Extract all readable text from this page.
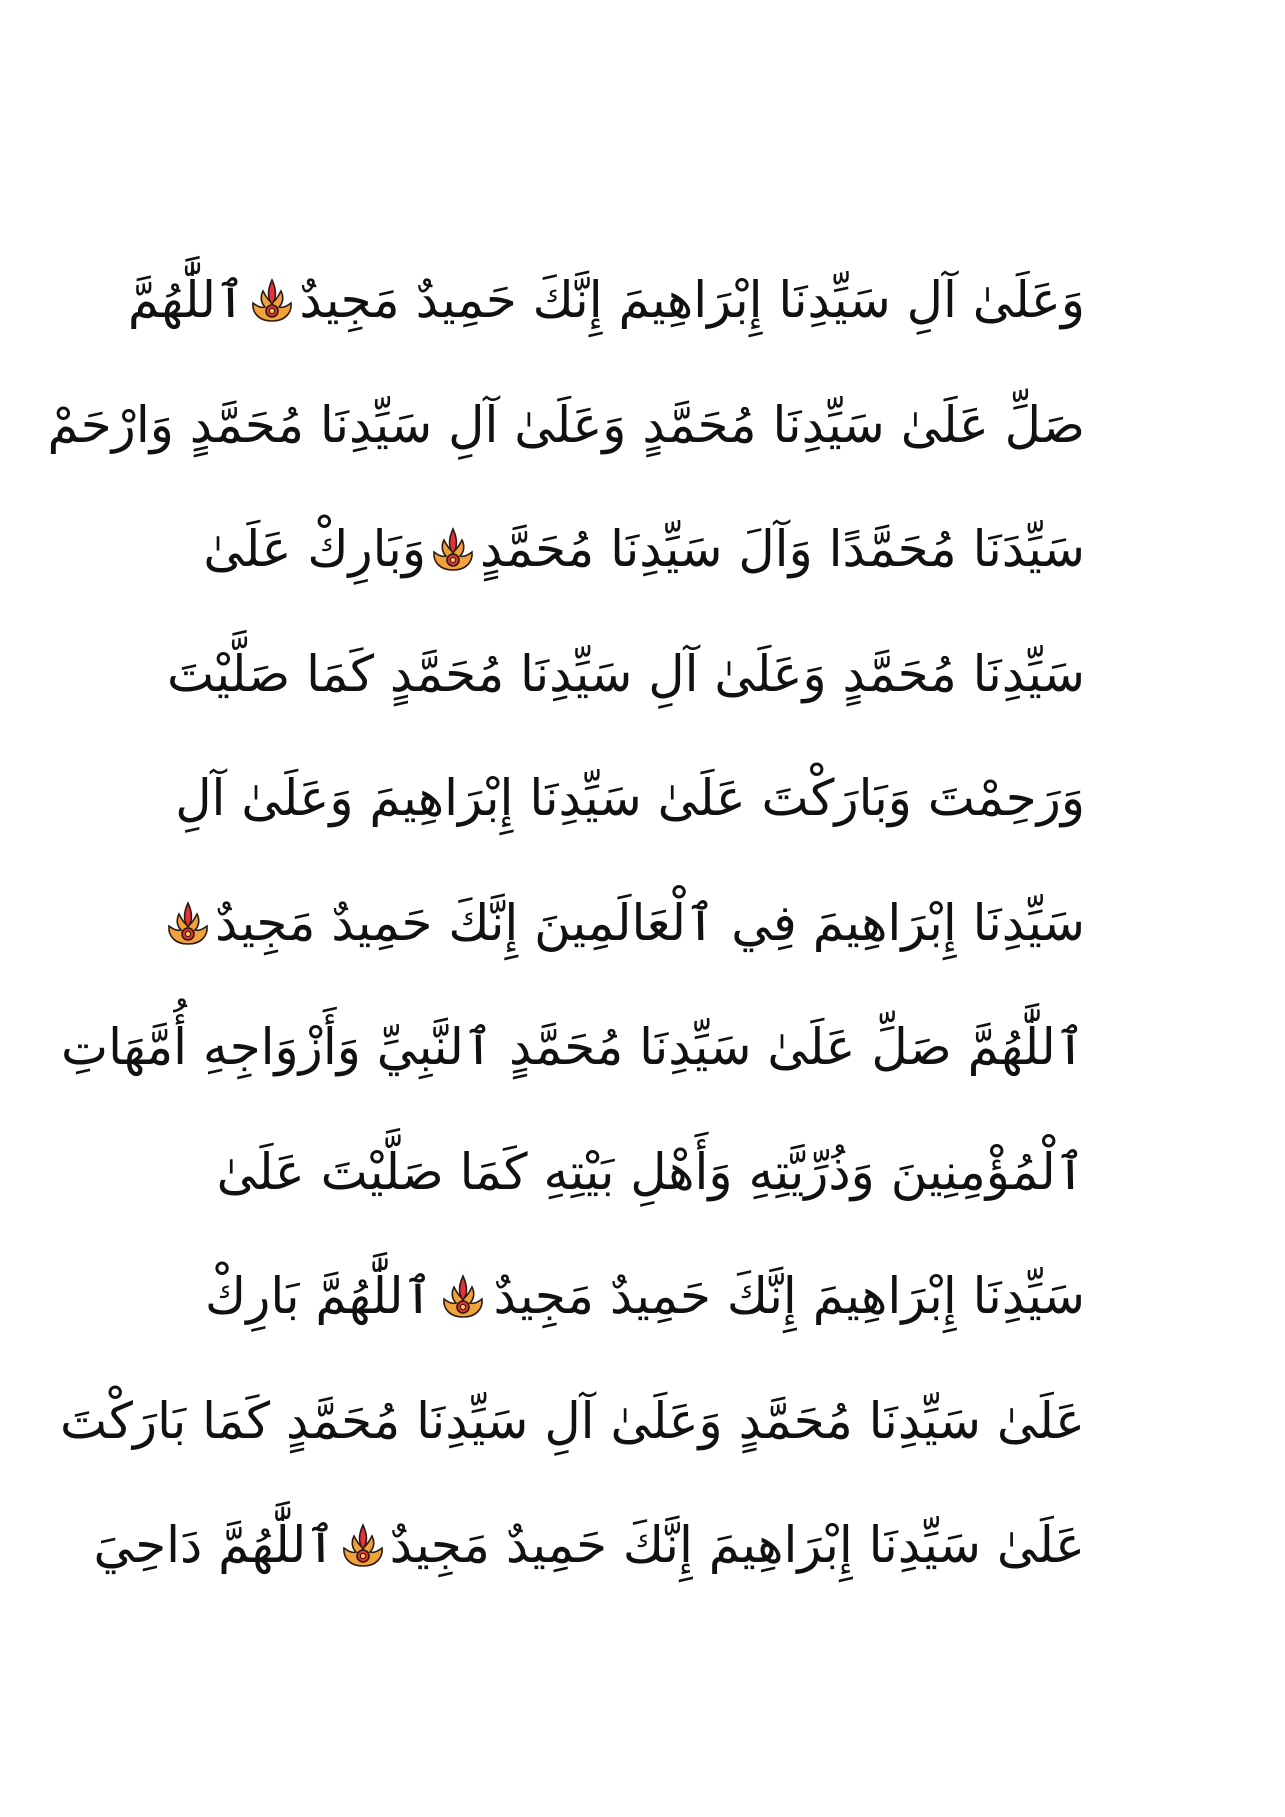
وَعَلَىٰ آلِ سَيِّدِنَا إِبْرَاهِيمَ إِنَّكَ حَمِيدٌ مَجِيدٌ
ٱللَّٰهُمَّ
صَلِّ عَلَىٰ سَيِّدِنَا مُحَمَّدٍ وَعَلَىٰ آلِ سَيِّدِنَا مُحَمَّدٍ وَارْحَمْ
سَيِّدَنَا مُحَمَّدًا وَآلَ سَيِّدِنَا مُحَمَّدٍ
وَبَارِكْ عَلَىٰ
سَيِّدِنَا مُحَمَّدٍ وَعَلَىٰ آلِ سَيِّدِنَا مُحَمَّدٍ كَمَا صَلَّيْتَ
وَرَحِمْتَ وَبَارَكْتَ عَلَىٰ سَيِّدِنَا إِبْرَاهِيمَ وَعَلَىٰ آلِ
سَيِّدِنَا إِبْرَاهِيمَ فِي ٱلْعَالَمِينَ إِنَّكَ حَمِيدٌ مَجِيدٌ
ٱللَّٰهُمَّ صَلِّ عَلَىٰ سَيِّدِنَا مُحَمَّدٍ ٱلنَّبِيِّ وَأَزْوَاجِهِ أُمَّهَاتِ
ٱلْمُؤْمِنِينَ وَذُرِّيَّتِهِ وَأَهْلِ بَيْتِهِ كَمَا صَلَّيْتَ عَلَىٰ
سَيِّدِنَا إِبْرَاهِيمَ إِنَّكَ حَمِيدٌ مَجِيدٌ
ٱللَّٰهُمَّ بَارِكْ
عَلَىٰ سَيِّدِنَا مُحَمَّدٍ وَعَلَىٰ آلِ سَيِّدِنَا مُحَمَّدٍ كَمَا بَارَكْتَ
عَلَىٰ سَيِّدِنَا إِبْرَاهِيمَ إِنَّكَ حَمِيدٌ مَجِيدٌ
ٱللَّٰهُمَّ دَاحِيَ
